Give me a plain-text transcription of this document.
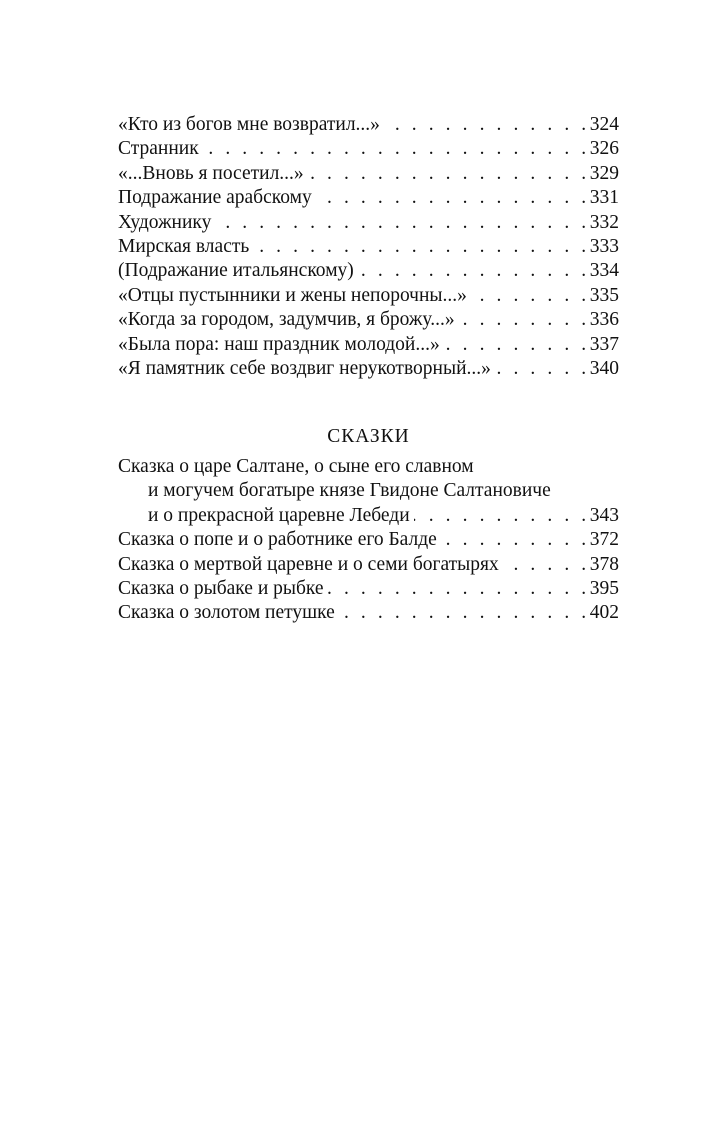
«Кто из богов мне возвратил...» . . .	324
Странник . . .	326
«...Вновь я посетил...» . . .	329
Подражание арабскому . . .	331
Художнику . . .	332
Мирская власть . . .	333
(Подражание итальянскому) . . .	334
«Отцы пустынники и жены непорочны...» . . .	335
«Когда за городом, задумчив, я брожу...» . . .	336
«Была пора: наш праздник молодой...» . . .	337
«Я памятник себе воздвиг нерукотворный...» . . .	340
СКАЗКИ
Сказка о царе Салтане, о сыне его славном
и могучем богатыре князе Гвидоне Салтановиче
и о прекрасной царевне Лебеди . . .	343
Сказка о попе и о работнике его Балде . . .	372
Сказка о мертвой царевне и о семи богатырях . . .	378
Сказка о рыбаке и рыбке . . .	395
Сказка о золотом петушке . . .	402
